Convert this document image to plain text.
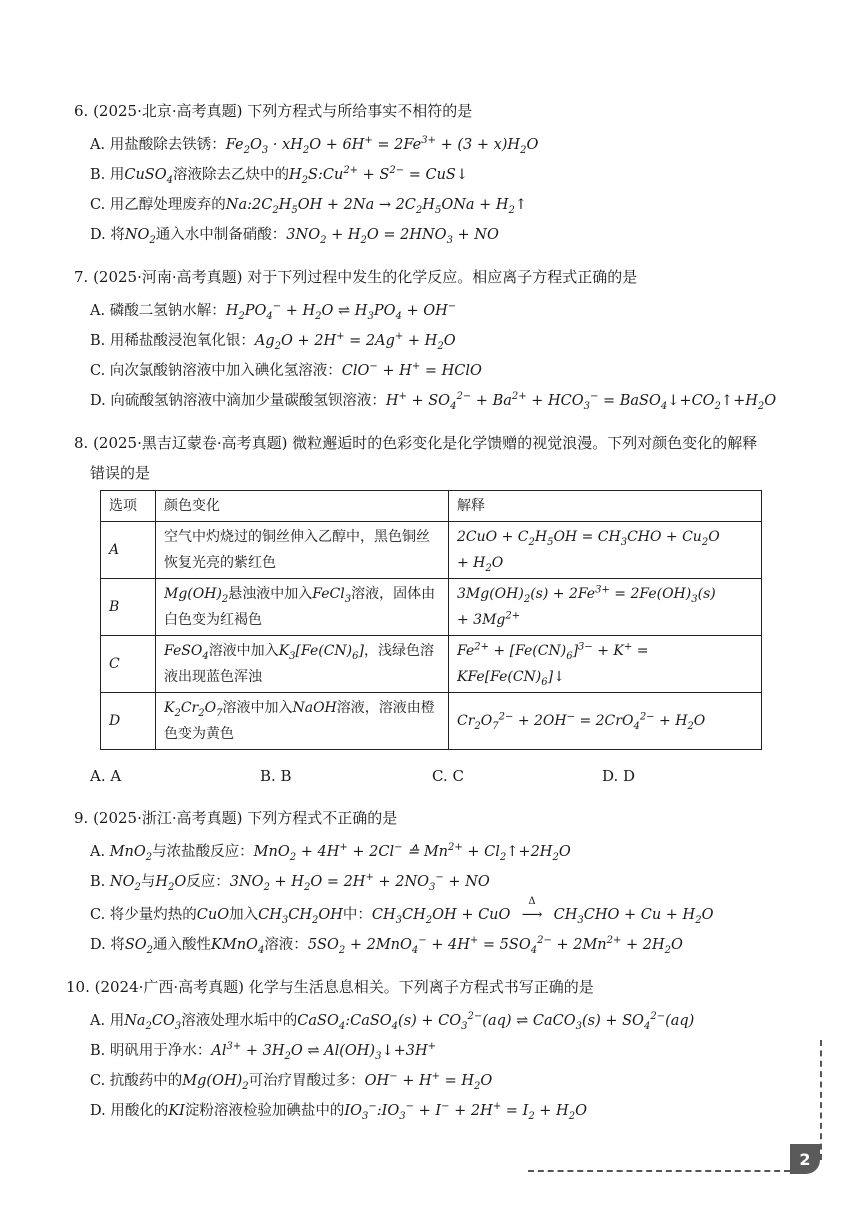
6. (2025·北京·高考真题) 下列方程式与所给事实不相符的是
A. 用盐酸除去铁锈：$Fe_2O_3 \cdot xH_2O + 6H^+ = 2Fe^{3+} + (3 + x)H_2O$
B. 用CuSO$_4$溶液除去乙炔中的$H_2S:Cu^{2+} + S^{2-}$ = CuS↓
C. 用乙醇处理废弃的$Na:2C_2H_5OH + 2Na \to 2C_2H_5ONa$ + $H_2↑$
D. 将$NO_2$通入水中制备硝酸：$3NO_2 + H_2O = 2HNO_3$ + NO
7. (2025·河南·高考真题) 对于下列过程中发生的化学反应。相应离子方程式正确的是
A. 磷酸二氢钠水解：$H_2PO_4^- + H_2O$ ⇌ $H_3PO_4 + OH^-$
B. 用稀盐酸浸泡氧化银：$Ag_2O + 2H^+ = 2Ag^+ + H_2O$
C. 向次氯酸钠溶液中加入碘化氢溶液：ClO− + H+ = HClO
D. 向硫酸氢钠溶液中滴加少量碳酸氢钡溶液：$H^+ + SO_4^{2-} + Ba^{2+} + HCO_3^-$ = $BaSO_4↓+CO_2↑+H_2O$
8. (2025·黑吉辽蒙卷·高考真题) 微粒邂逅时的色彩变化是化学馈赠的视觉浪漫。下列对颜色变化的解释
错误的是
选项	颜色变化	解释
A	空气中灼烧过的铜丝伸入乙醇中，黑色铜丝恢复光亮的紫红色	$2CuO + C_2H_5OH = CH_3CHO + Cu_2O$
+ $H_2O$
B	$Mg(OH)_2$悬浊液中加入FeCl$_3$溶液，固体由白色变为红褐色	$3Mg(OH)_2(s) + 2Fe^{3+} = 2Fe(OH)_3(s)$
+ $3Mg^{2+}$
C	FeSO$_4$溶液中加入$K_3[Fe(CN)_6]$，浅绿色溶液出现蓝色浑浊	$Fe^{2+} + [Fe(CN)_6]^{3-} + K^+$ =
$KFe[Fe(CN)_6]↓$
D	$K_2Cr_2O_7$溶液中加入NaOH溶液，溶液由橙色变为黄色	$Cr_2O_7^{2-} + 2OH^- = 2CrO_4^{2-} + H_2O$
A. A	B. B	C. C	D. D
9. (2025·浙江·高考真题) 下列方程式不正确的是
A. MnO$_2$与浓盐酸反应：MnO$_2$ + 4H+ + 2Cl− ≙ $Mn^{2+}$ + $Cl_2↑+2H_2O$
B. $NO_2$与$H_2O$反应：$3NO_2 + H_2O = 2H^+ + 2NO_3^-$ + NO
C. 将少量灼热的CuO加入$CH_3CH_2OH$中：$CH_3CH_2OH$ + CuO
Δ
⟶ $CH_3CHO + Cu + H_2O$
D. 将$SO_2$通入酸性KMnO$_4$溶液：$5SO_2 + 2MnO_4^- + 4H^+ = 5SO_4^{2-} + 2Mn^{2+} + 2H_2O$
10. (2024·广西·高考真题) 化学与生活息息相关。下列离子方程式书写正确的是
A. 用$Na_2CO_3$溶液处理水垢中的CaSO$_4$:CaSO$_4$(s) + $CO_3^{2-}(aq)$ ⇌ CaCO$_3$(s) + $SO_4^{2-}(aq)$
B. 明矾用于净水：$Al^{3+} + 3H_2O$ ⇌ $Al(OH)_3↓+3H^+$
C. 抗酸药中的$Mg(OH)_2$可治疗胃酸过多：$OH^- + H^+ = H_2O$
D. 用酸化的KI淀粉溶液检验加碘盐中的$IO_3^-:IO_3^- + I^- + 2H^+ = I_2 + H_2O$
2
